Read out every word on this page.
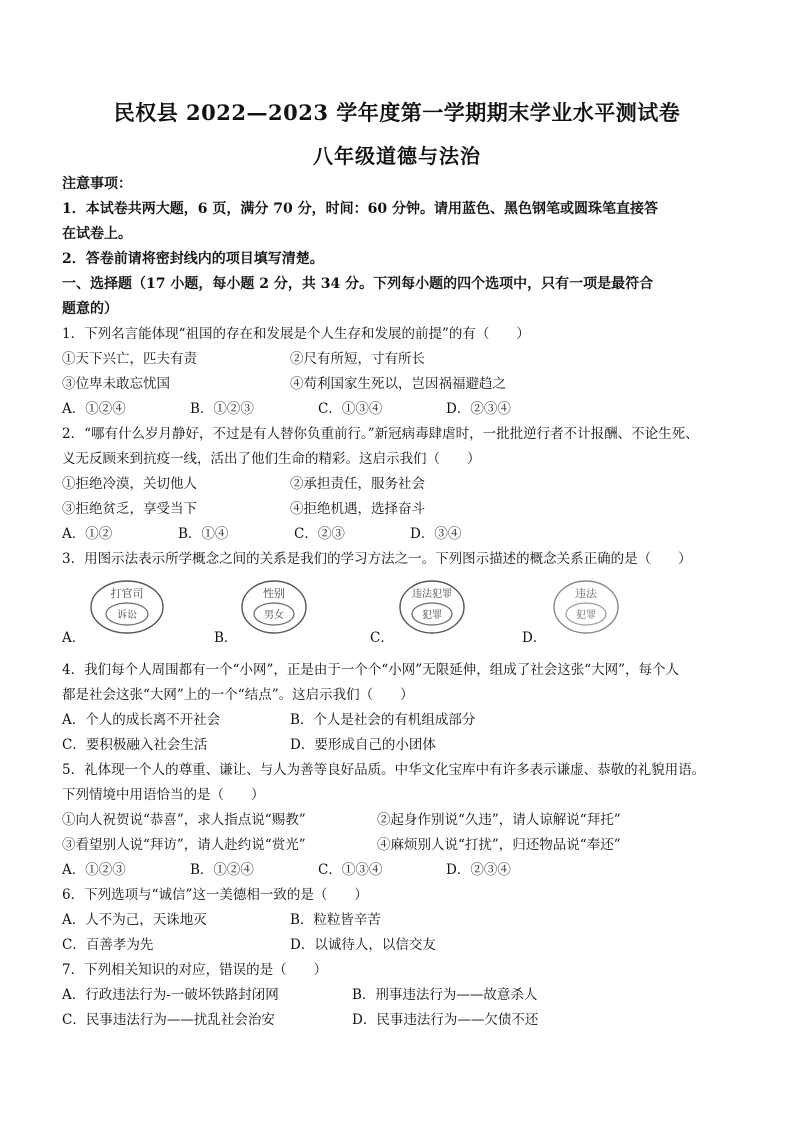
民权县 2022—2023 学年度第一学期期末学业水平测试卷
八年级道德与法治
注意事项：
1．本试卷共两大题，6 页，满分 70 分，时间：60 分钟。请用蓝色、黑色钢笔或圆珠笔直接答
在试卷上。
2．答卷前请将密封线内的项目填写清楚。
一、选择题（17 小题，每小题 2 分，共 34 分。下列每小题的四个选项中，只有一项是最符合
题意的）
1．下列名言能体现“祖国的存在和发展是个人生存和发展的前提”的有（　　）
①天下兴亡，匹夫有责	②尺有所短，寸有所长
③位卑未敢忘忧国	④苟利国家生死以，岂因祸福避趋之
A．①②④	B．①②③	C．①③④	D．②③④
2．“哪有什么岁月静好，不过是有人替你负重前行。”新冠病毒肆虐时，一批批逆行者不计报酬、不论生死、
义无反顾来到抗疫一线，活出了他们生命的精彩。这启示我们（　　）
①拒绝冷漠，关切他人	②承担责任，服务社会
③拒绝贫乏，享受当下	④拒绝机遇，选择奋斗
A．①②	B．①④	C．②③	D．③④
3．用图示法表示所学概念之间的关系是我们的学习方法之一。下列图示描述的概念关系正确的是（　　）
A．
打官司
诉讼
B．
性别
男女
C．
违法犯罪
犯罪
D．
违法
犯罪
4．我们每个人周围都有一个“小网”，正是由于一个个“小网”无限延伸，组成了社会这张“大网”，每个人
都是社会这张“大网”上的一个“结点”。这启示我们（　　）
A．个人的成长离不开社会	B．个人是社会的有机组成部分
C．要积极融入社会生活	D．要形成自己的小团体
5．礼体现一个人的尊重、谦让、与人为善等良好品质。中华文化宝库中有许多表示谦虚、恭敬的礼貌用语。
下列情境中用语恰当的是（　　）
①向人祝贺说“恭喜”，求人指点说“赐教”	②起身作别说“久违”，请人谅解说“拜托”
③看望别人说“拜访”，请人赴约说“赏光”	④麻烦别人说“打扰”，归还物品说“奉还”
A．①②③	B．①②④	C．①③④	D．②③④
6．下列选项与“诚信”这一美德相一致的是（　　）
A．人不为己，天诛地灭	B．粒粒皆辛苦
C．百善孝为先	D．以诚待人，以信交友
7．下列相关知识的对应，错误的是（　　）
A．行政违法行为-一破坏铁路封闭网	B．刑事违法行为——故意杀人
C．民事违法行为——扰乱社会治安	D．民事违法行为——欠债不还
